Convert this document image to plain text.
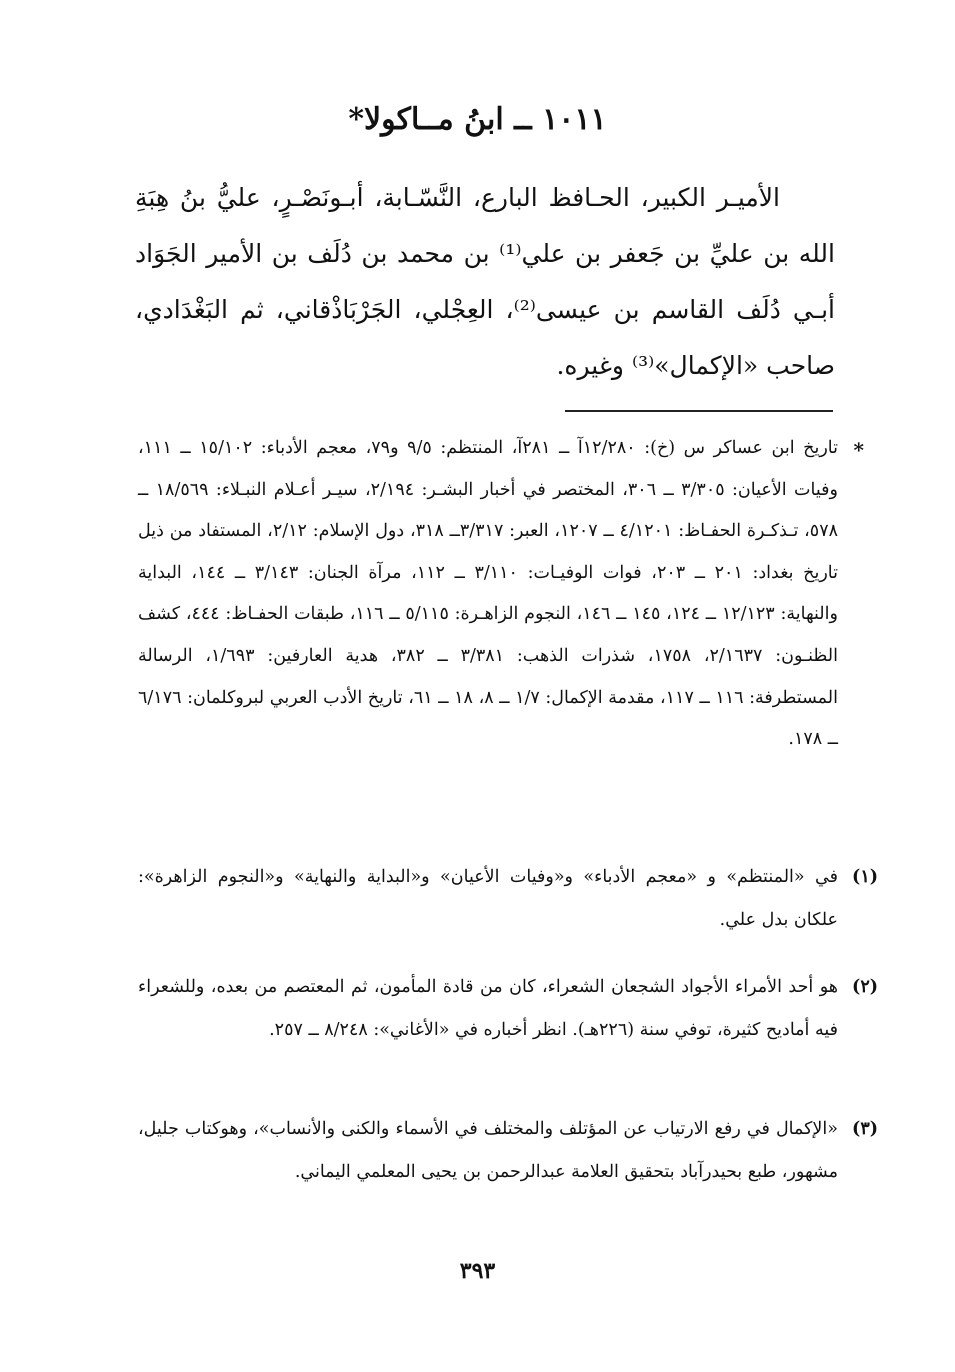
١٠١١ ــ ابنُ مــاكولا*

الأميـر الكبير، الحـافظ البارع، النَّسّـابة، أبـونَصْـرٍ، عليُّ بنُ هِبَةِ الله بن عليِّ بن جَعفر بن علي⁽¹⁾ بن محمد بن دُلَف بن الأمير الجَوَاد أبـي دُلَف القاسم بن عيسى⁽²⁾، العِجْلي، الجَرْبَاذْقاني، ثم البَغْدَادي، صاحب «الإكمال»⁽³⁾ وغيره.

*
تاريخ ابن عساكر س (خ): ١٢/٢٨٠آ ــ ٢٨١آ، المنتظم: ٩/٥ و٧٩، معجم الأدباء: ١٥/١٠٢ ــ ١١١، وفيات الأعيان: ٣/٣٠٥ ــ ٣٠٦، المختصر في أخبار البشـر: ٢/١٩٤، سيـر أعـلام النبـلاء: ١٨/٥٦٩ ــ ٥٧٨، تـذكـرة الحفـاظ: ٤/١٢٠١ ــ ١٢٠٧، العبر: ٣/٣١٧ــ ٣١٨، دول الإسلام: ٢/١٢، المستفاد من ذيل تاريخ بغداد: ٢٠١ ــ ٢٠٣، فوات الوفيـات: ٣/١١٠ ــ ١١٢، مرآة الجنان: ٣/١٤٣ ــ ١٤٤، البداية والنهاية: ١٢/١٢٣ ــ ١٢٤، ١٤٥ ــ ١٤٦، النجوم الزاهـرة: ٥/١١٥ ــ ١١٦، طبقات الحفـاظ: ٤٤٤، كشف الظنـون: ٢/١٦٣٧، ١٧٥٨، شذرات الذهب: ٣/٣٨١ ــ ٣٨٢، هدية العارفين: ١/٦٩٣، الرسالة المستطرفة: ١١٦ ــ ١١٧، مقدمة الإكمال: ١/٧ ــ ٨، ١٨ ــ ٦١، تاريخ الأدب العربي لبروكلمان: ٦/١٧٦ ــ ١٧٨.
(١)
في «المنتظم» و «معجم الأدباء» و«وفيات الأعيان» و«البداية والنهاية» و«النجوم الزاهرة»: علكان بدل علي.
(٢)
هو أحد الأمراء الأجواد الشجعان الشعراء، كان من قادة المأمون، ثم المعتصم من بعده، وللشعراء فيه أماديح كثيرة، توفي سنة (٢٢٦هـ). انظر أخباره في «الأغاني»: ٨/٢٤٨ ــ ٢٥٧.
(٣)
«الإكمال في رفع الارتياب عن المؤتلف والمختلف في الأسماء والكنى والأنساب»، وهوكتاب جليل، مشهور، طبع بحيدرآباد بتحقيق العلامة عبدالرحمن بن يحيى المعلمي اليماني.
٣٩٣
